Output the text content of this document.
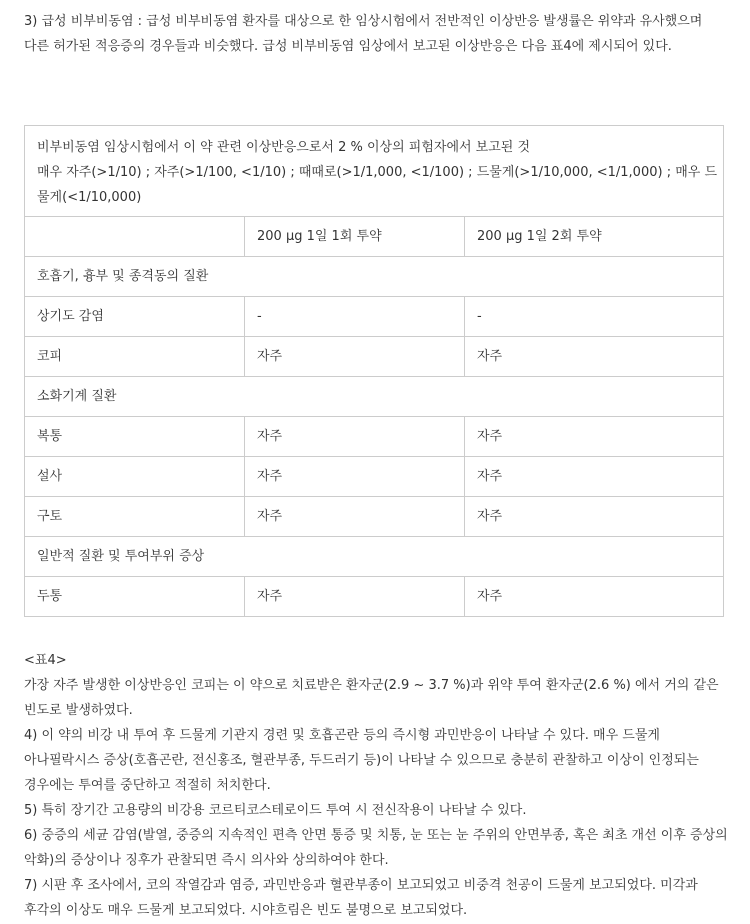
3) 급성 비부비동염 : 급성 비부비동염 환자를 대상으로 한 임상시험에서 전반적인 이상반응 발생률은 위약과 유사했으며 다른 허가된 적응증의 경우들과 비슷했다. 급성 비부비동염 임상에서 보고된 이상반응은 다음 표4에 제시되어 있다.

비부비동염 임상시험에서 이 약 관련 이상반응으로서 2 % 이상의 피험자에서 보고된 것
매우 자주(>1/10) ; 자주(>1/100, <1/10) ; 때때로(>1/1,000, <1/100) ; 드물게(>1/10,000, <1/1,000) ; 매우 드물게(<1/10,000)		

	200 μg 1일 1회 투약	200 μg 1일 2회 투약
호흡기, 흉부 및 종격동의 질환		
상기도 감염	-	-
코피	자주	자주
소화기계 질환		
복통	자주	자주
설사	자주	자주
구토	자주	자주
일반적 질환 및 투여부위 증상		
두통	자주	자주

<표4>

가장 자주 발생한 이상반응인 코피는 이 약으로 치료받은 환자군(2.9 ~ 3.7 %)과 위약 투여 환자군(2.6 %) 에서 거의 같은 빈도로 발생하였다.

4) 이 약의 비강 내 투여 후 드물게 기관지 경련 및 호흡곤란 등의 즉시형 과민반응이 나타날 수 있다. 매우 드물게 아나필락시스 증상(호흡곤란, 전신홍조, 혈관부종, 두드러기 등)이 나타날 수 있으므로 충분히 관찰하고 이상이 인정되는 경우에는 투여를 중단하고 적절히 처치한다.

5) 특히 장기간 고용량의 비강용 코르티코스테로이드 투여 시 전신작용이 나타날 수 있다.

6) 중증의 세균 감염(발열, 중증의 지속적인 편측 안면 통증 및 치통, 눈 또는 눈 주위의 안면부종, 혹은 최초 개선 이후 증상의 악화)의 증상이나 징후가 관찰되면 즉시 의사와 상의하여야 한다.

7) 시판 후 조사에서, 코의 작열감과 염증, 과민반응과 혈관부종이 보고되었고 비중격 천공이 드물게 보고되었다. 미각과 후각의 이상도 매우 드물게 보고되었다. 시야흐림은 빈도 불명으로 보고되었다.
